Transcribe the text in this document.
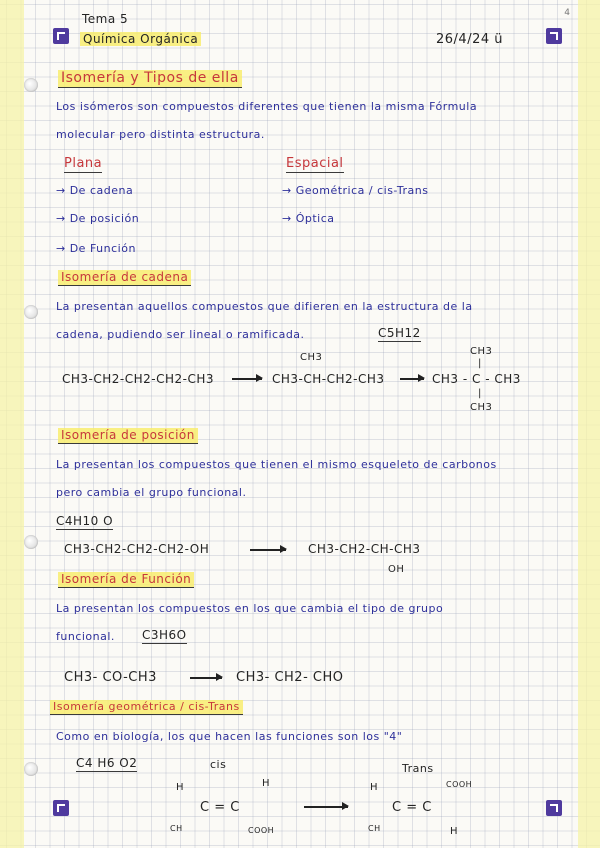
4
Tema 5
Química Orgánica	26/4/24 ü
Isomería y Tipos de ella
Los isómeros son compuestos diferentes que tienen la misma Fórmula
molecular pero distinta estructura.
Plana
→ De cadena
→ De posición
→ De Función
Espacial
→ Geométrica / cis-Trans
→ Óptica
Isomería de cadena
La presentan aquellos compuestos que difieren en la estructura de la
cadena, pudiendo ser lineal o ramificada.	C5H12
CH3-CH2-CH2-CH2-CH3
CH3
CH3-CH-CH2-CH3
CH3
|
CH3 - C - CH3
|
CH3
Isomería de posición
La presentan los compuestos que tienen el mismo esqueleto de carbonos
pero cambia el grupo funcional.
C4H10 O
CH3-CH2-CH2-CH2-OH	CH3-CH2-CH-CH3
OH
Isomería de Función
La presentan los compuestos en los que cambia el tipo de grupo
funcional. C3H6O
CH3- CO-CH3	CH3- CH2- CHO
Isomería geométrica / cis-Trans
Como en biología, los que hacen las funciones son los "4"
C4 H6 O2	cis	Trans
H	H
C = C
CH	COOH
H	COOH
C = C
CH	H
